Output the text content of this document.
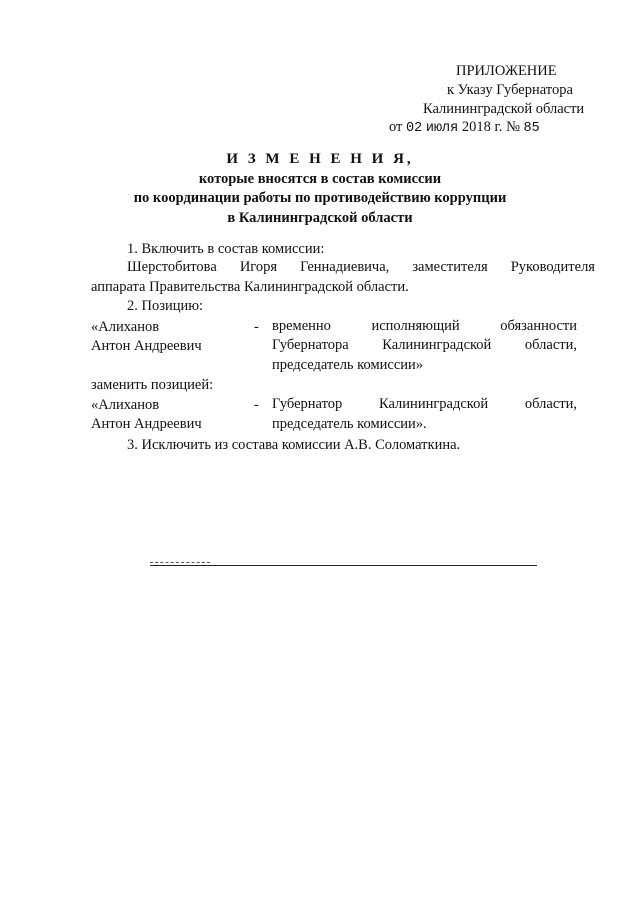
ПРИЛОЖЕНИЕ
к Указу Губернатора
Калининградской области
от 02 июля 2018 г. № 85
И З М Е Н Е Н И Я,
которые вносятся в состав комиссии
по координации работы по противодействию коррупции
в Калининградской области
1. Включить в состав комиссии:
Шерстобитова Игоря Геннадиевича, заместителя Руководителя
аппарата Правительства Калининградской области.
2. Позицию:
«Алиханов
Антон Андреевич
- временно	исполняющий	обязанности
Губернатора Калининградской области,
председатель комиссии»
заменить позицией:
«Алиханов
Антон Андреевич
- Губернатор	Калининградской	области,
председатель комиссии».
3. Исключить из состава комиссии А.В. Соломаткина.
